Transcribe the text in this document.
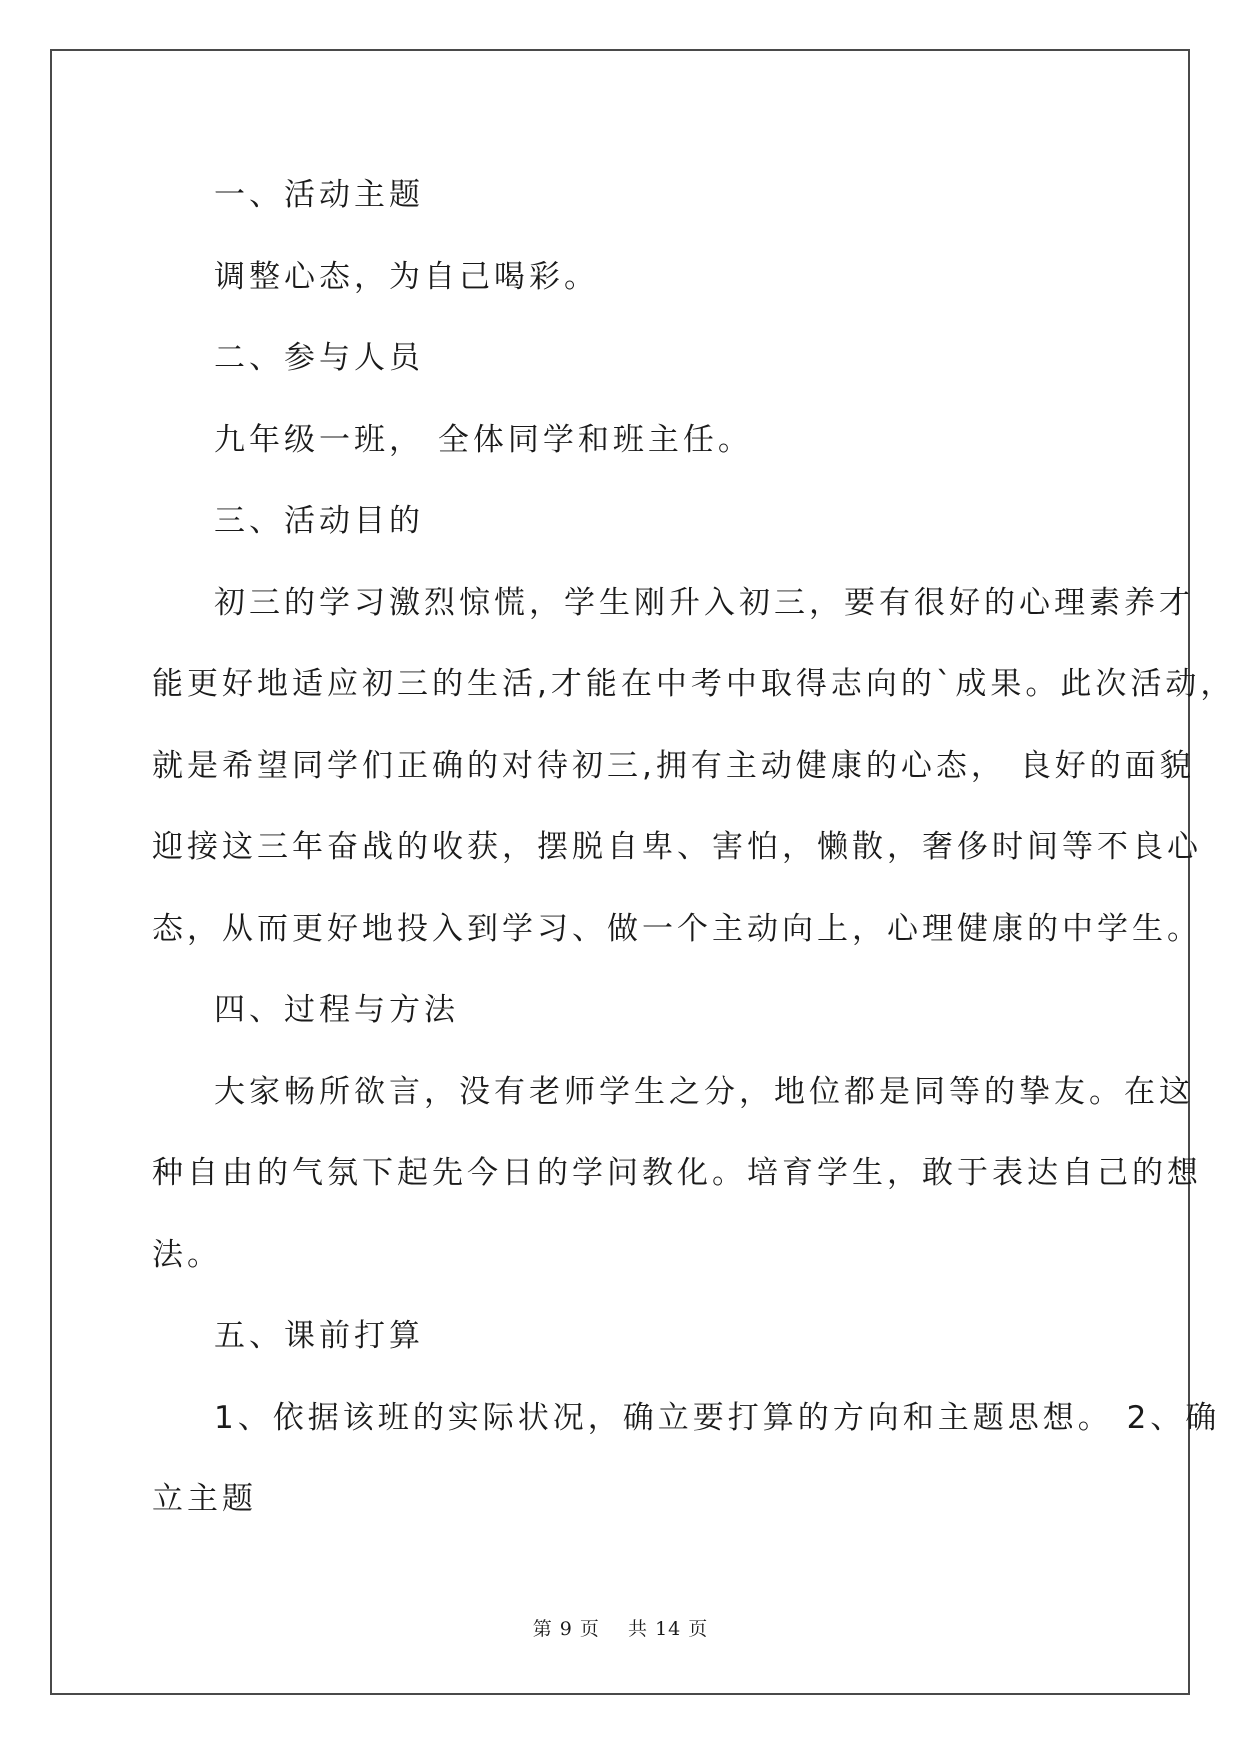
一、活动主题
调整心态，为自己喝彩。
二、参与人员
九年级一班， 全体同学和班主任。
三、活动目的
初三的学习激烈惊慌，学生刚升入初三，要有很好的心理素养才
能更好地适应初三的生活,才能在中考中取得志向的`成果。此次活动，
就是希望同学们正确的对待初三,拥有主动健康的心态， 良好的面貌
迎接这三年奋战的收获，摆脱自卑、害怕，懒散，奢侈时间等不良心
态，从而更好地投入到学习、做一个主动向上，心理健康的中学生。
四、过程与方法
大家畅所欲言，没有老师学生之分，地位都是同等的挚友。在这
种自由的气氛下起先今日的学问教化。培育学生，敢于表达自己的想
法。
五、课前打算
1、依据该班的实际状况，确立要打算的方向和主题思想。 2、确
立主题
第 9 页    共 14 页
